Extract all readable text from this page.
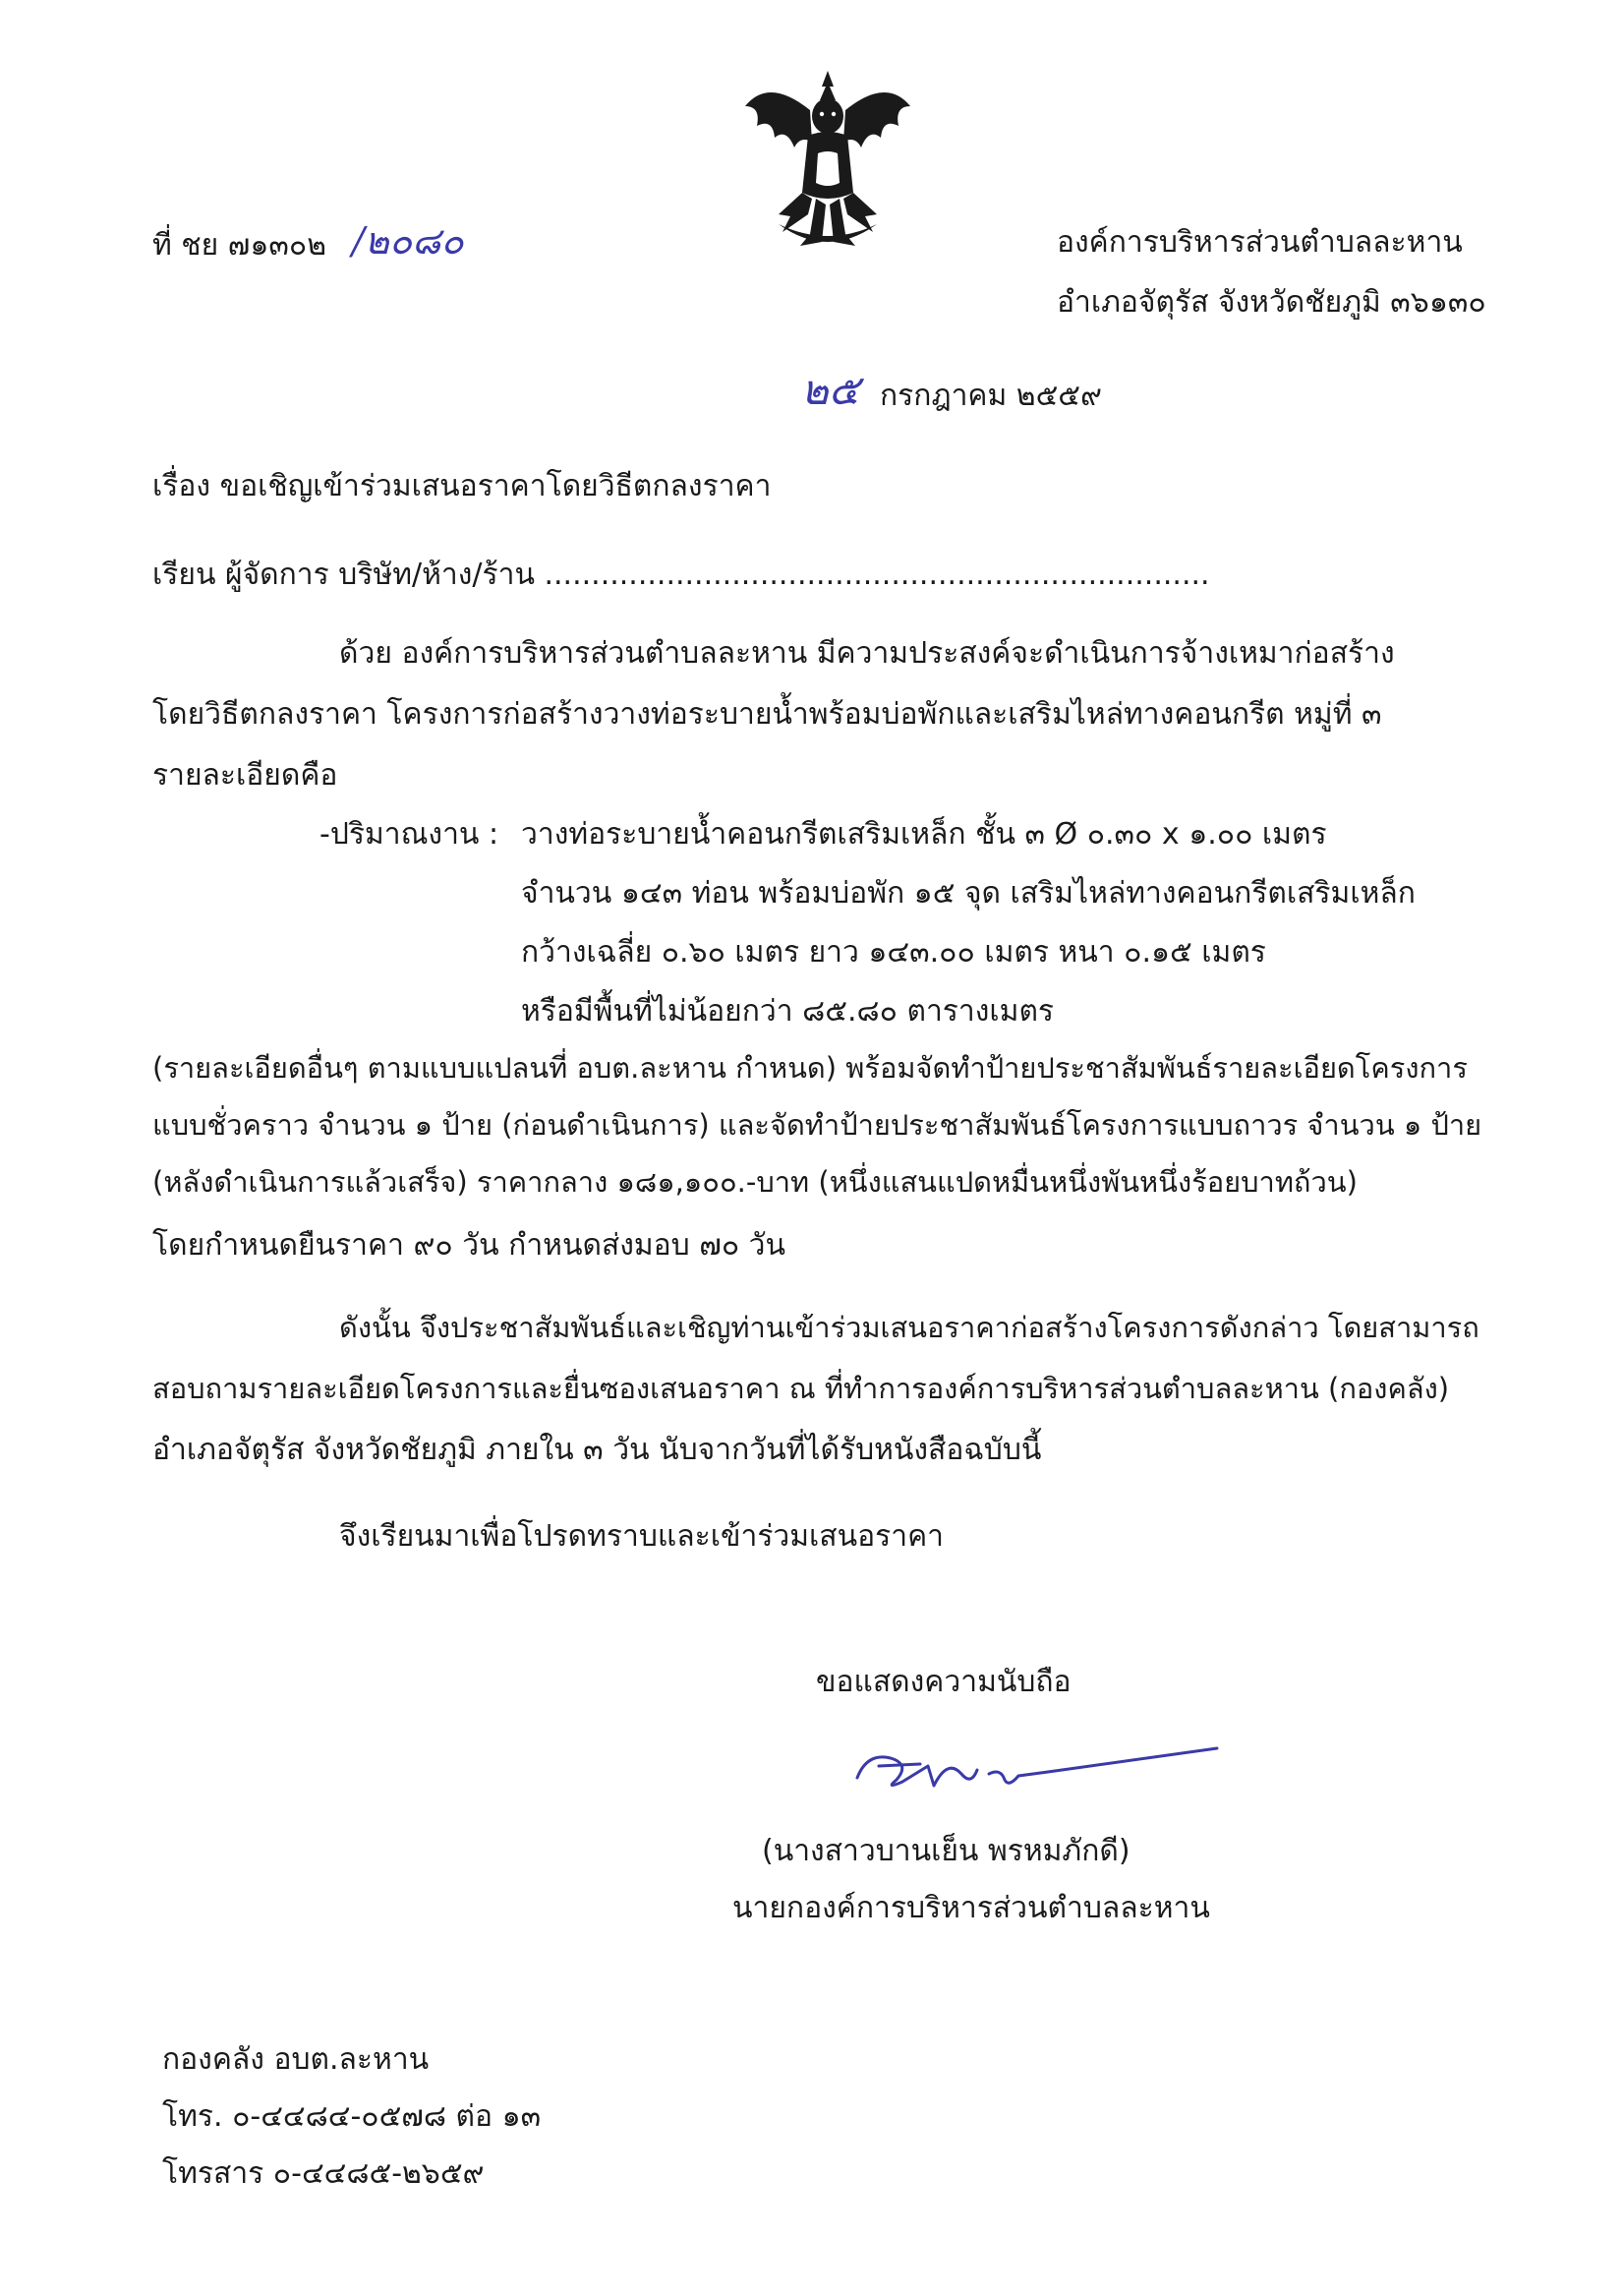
ที่ ชย ๗๑๓๐๒ /๒๐๘๐	องค์การบริหารส่วนตำบลละหาน
อำเภอจัตุรัส จังหวัดชัยภูมิ ๓๖๑๓๐
๒๕ กรกฎาคม ๒๕๕๙
เรื่อง ขอเชิญเข้าร่วมเสนอราคาโดยวิธีตกลงราคา
เรียน ผู้จัดการ บริษัท/ห้าง/ร้าน .......................................................................
ด้วย องค์การบริหารส่วนตำบลละหาน มีความประสงค์จะดำเนินการจ้างเหมาก่อสร้าง
โดยวิธีตกลงราคา โครงการก่อสร้างวางท่อระบายน้ำพร้อมบ่อพักและเสริมไหล่ทางคอนกรีต หมู่ที่ ๓
รายละเอียดคือ
-ปริมาณงาน : วางท่อระบายน้ำคอนกรีตเสริมเหล็ก ชั้น ๓ Ø ๐.๓๐ x ๑.๐๐ เมตร
จำนวน ๑๔๓ ท่อน พร้อมบ่อพัก ๑๕ จุด เสริมไหล่ทางคอนกรีตเสริมเหล็ก
กว้างเฉลี่ย ๐.๖๐ เมตร ยาว ๑๔๓.๐๐ เมตร หนา ๐.๑๕ เมตร
หรือมีพื้นที่ไม่น้อยกว่า ๘๕.๘๐ ตารางเมตร
(รายละเอียดอื่นๆ ตามแบบแปลนที่ อบต.ละหาน กำหนด) พร้อมจัดทำป้ายประชาสัมพันธ์รายละเอียดโครงการ
แบบชั่วคราว จำนวน ๑ ป้าย (ก่อนดำเนินการ) และจัดทำป้ายประชาสัมพันธ์โครงการแบบถาวร จำนวน ๑ ป้าย
(หลังดำเนินการแล้วเสร็จ) ราคากลาง ๑๘๑,๑๐๐.-บาท (หนึ่งแสนแปดหมื่นหนึ่งพันหนึ่งร้อยบาทถ้วน)
โดยกำหนดยืนราคา ๙๐ วัน กำหนดส่งมอบ ๗๐ วัน
ดังนั้น จึงประชาสัมพันธ์และเชิญท่านเข้าร่วมเสนอราคาก่อสร้างโครงการดังกล่าว โดยสามารถ
สอบถามรายละเอียดโครงการและยื่นซองเสนอราคา ณ ที่ทำการองค์การบริหารส่วนตำบลละหาน (กองคลัง)
อำเภอจัตุรัส จังหวัดชัยภูมิ ภายใน ๓ วัน นับจากวันที่ได้รับหนังสือฉบับนี้
จึงเรียนมาเพื่อโปรดทราบและเข้าร่วมเสนอราคา
ขอแสดงความนับถือ
(นางสาวบานเย็น พรหมภักดี)
นายกองค์การบริหารส่วนตำบลละหาน
กองคลัง อบต.ละหาน
โทร. ๐-๔๔๘๔-๐๕๗๘ ต่อ ๑๓
โทรสาร ๐-๔๔๘๕-๒๖๕๙
